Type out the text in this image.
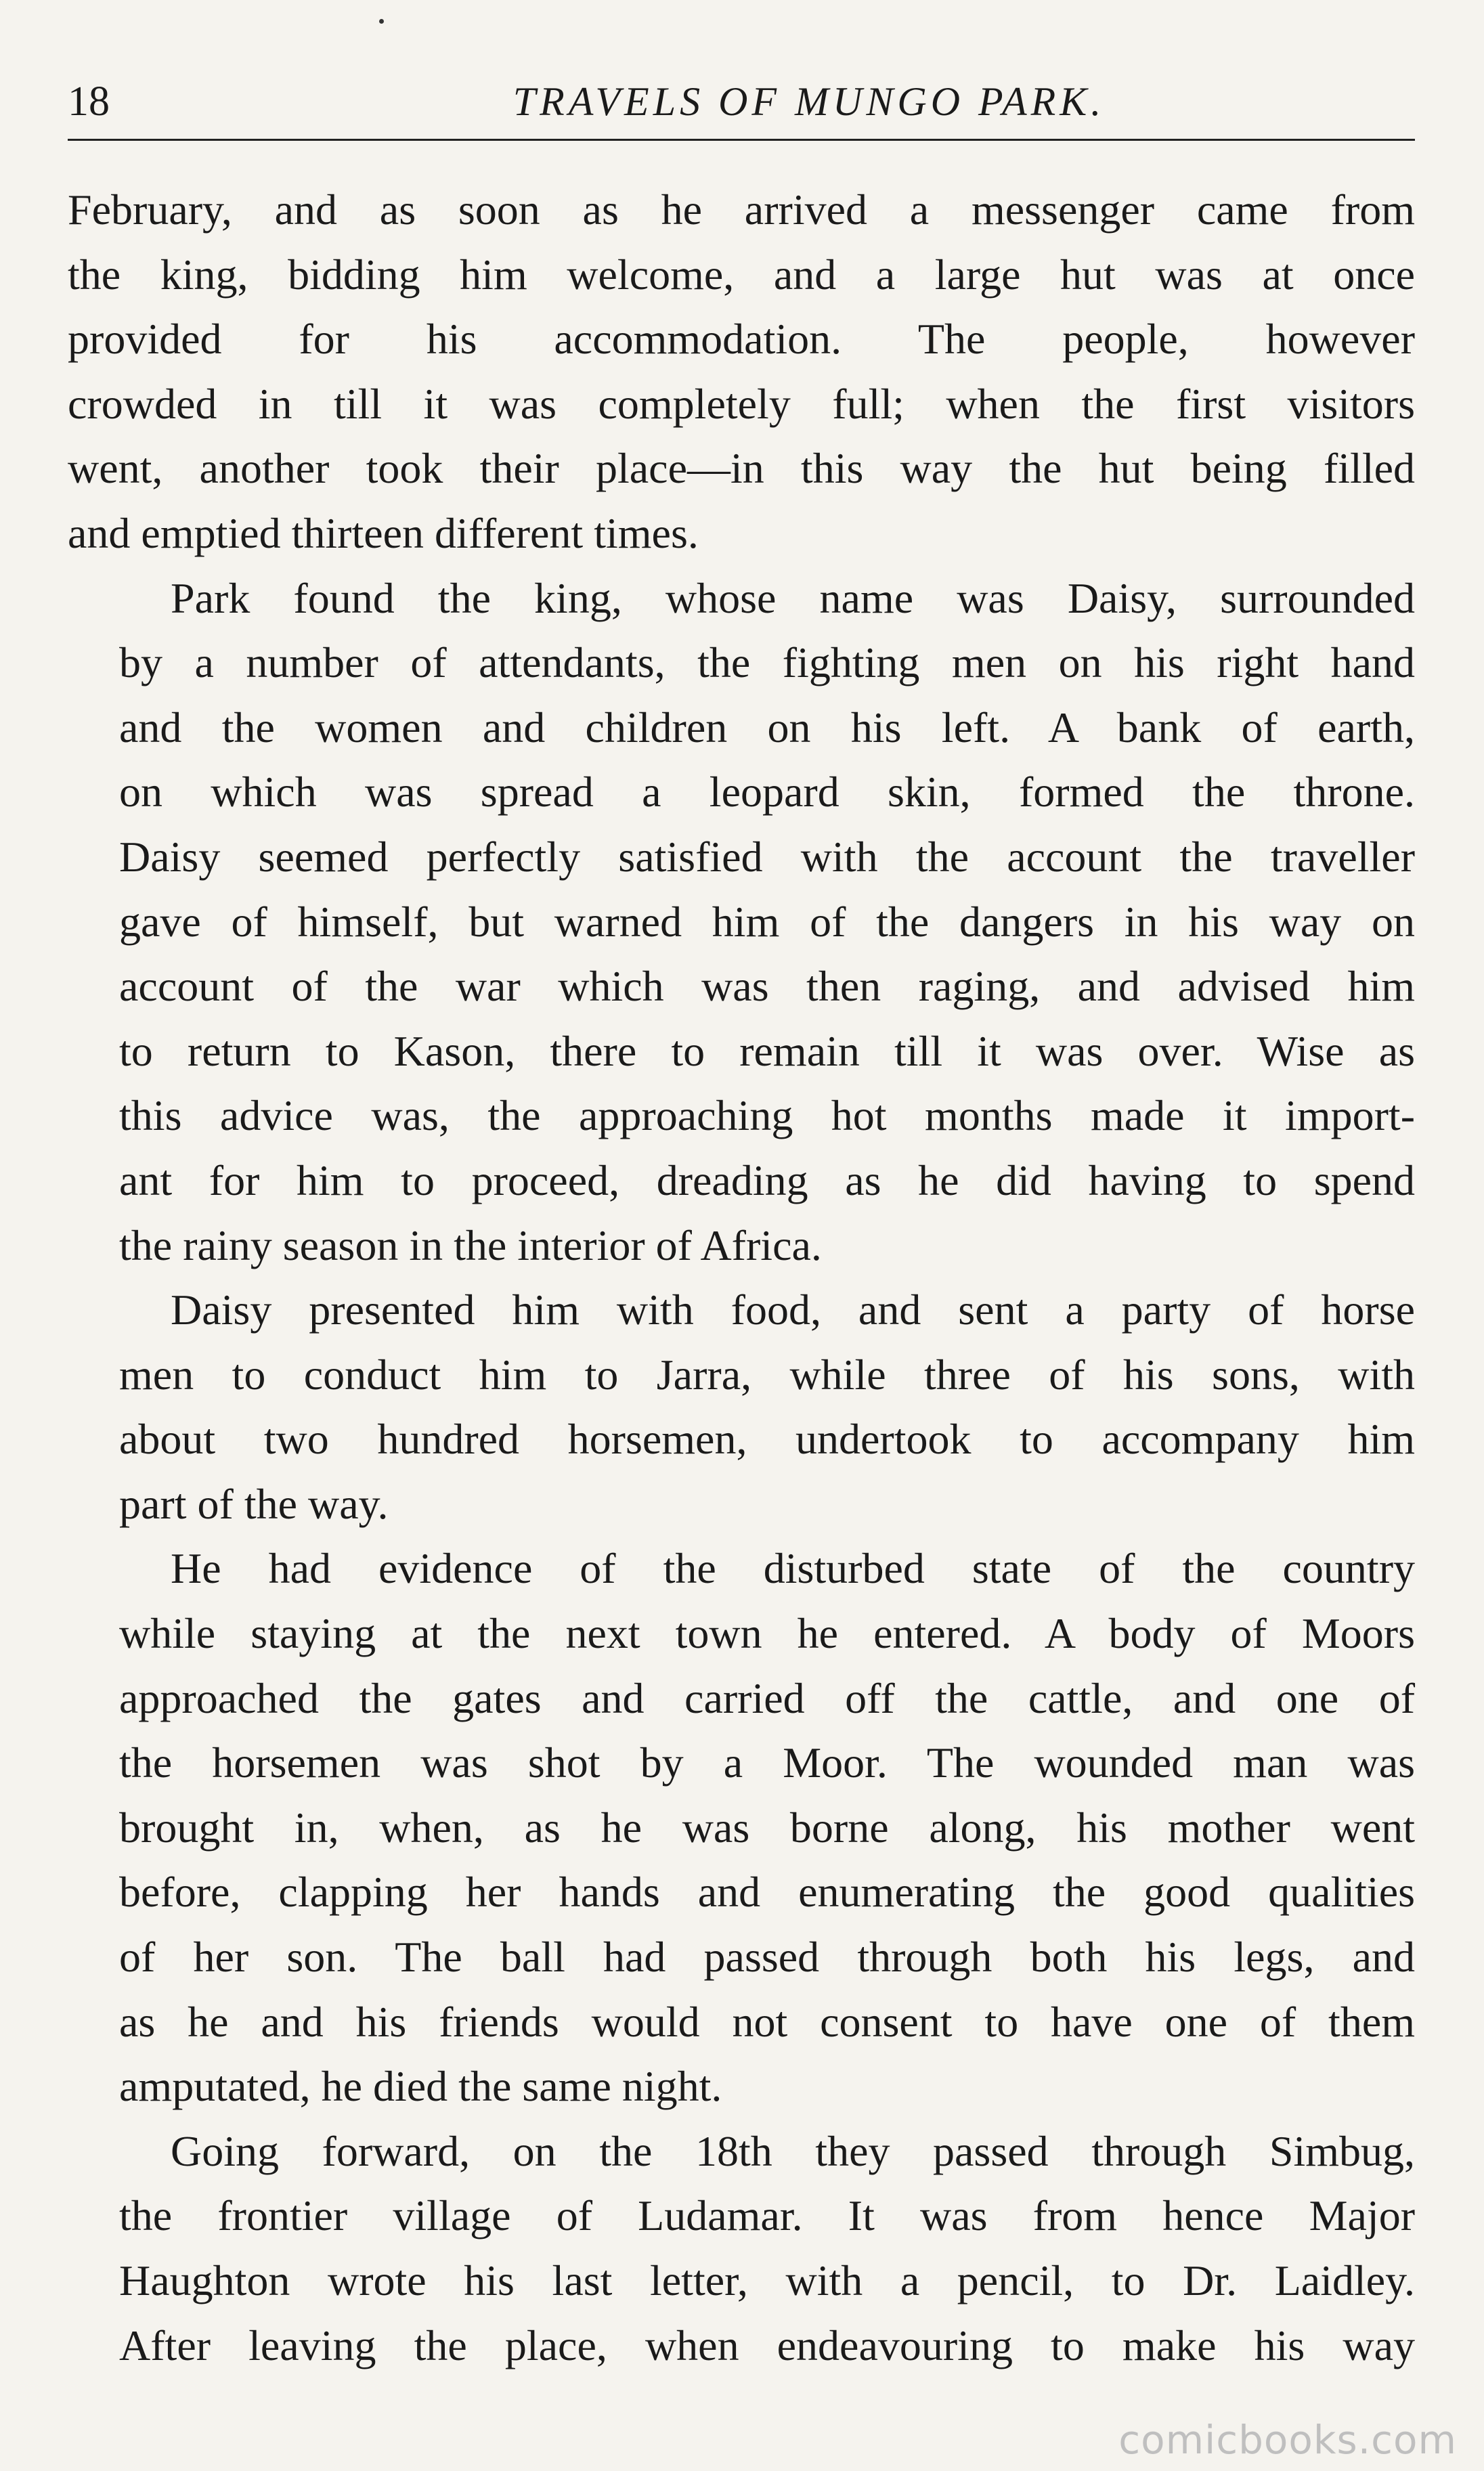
18	TRAVELS OF MUNGO PARK.
February, and as soon as he arrived a messenger came from
the king, bidding him welcome, and a large hut was at once
provided for his accommodation. The people, however
crowded in till it was completely full; when the first visitors
went, another took their place—in this way the hut being filled
and emptied thirteen different times.
Park found the king, whose name was Daisy, surrounded
by a number of attendants, the fighting men on his right hand
and the women and children on his left. A bank of earth,
on which was spread a leopard skin, formed the throne.
Daisy seemed perfectly satisfied with the account the traveller
gave of himself, but warned him of the dangers in his way on
account of the war which was then raging, and advised him
to return to Kason, there to remain till it was over. Wise as
this advice was, the approaching hot months made it import-
ant for him to proceed, dreading as he did having to spend
the rainy season in the interior of Africa.
Daisy presented him with food, and sent a party of horse
men to conduct him to Jarra, while three of his sons, with
about two hundred horsemen, undertook to accompany him
part of the way.
He had evidence of the disturbed state of the country
while staying at the next town he entered. A body of Moors
approached the gates and carried off the cattle, and one of
the horsemen was shot by a Moor. The wounded man was
brought in, when, as he was borne along, his mother went
before, clapping her hands and enumerating the good qualities
of her son. The ball had passed through both his legs, and
as he and his friends would not consent to have one of them
amputated, he died the same night.
Going forward, on the 18th they passed through Simbug,
the frontier village of Ludamar. It was from hence Major
Haughton wrote his last letter, with a pencil, to Dr. Laidley.
After leaving the place, when endeavouring to make his way
comicbooks.com
